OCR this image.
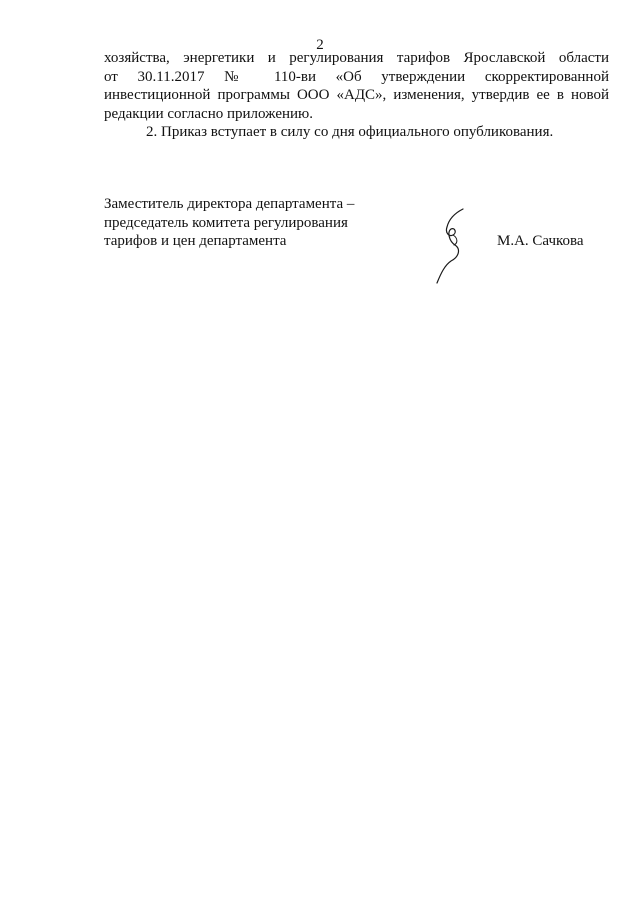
2
хозяйства, энергетики и регулирования тарифов Ярославской области
от 30.11.2017 № 110-ви «Об утверждении скорректированной
инвестиционной программы ООО «АДС», изменения, утвердив ее в новой
редакции согласно приложению.
2. Приказ вступает в силу со дня официального опубликования.
Заместитель директора департамента –
председатель комитета регулирования
тарифов и цен департамента	М.А. Сачкова
